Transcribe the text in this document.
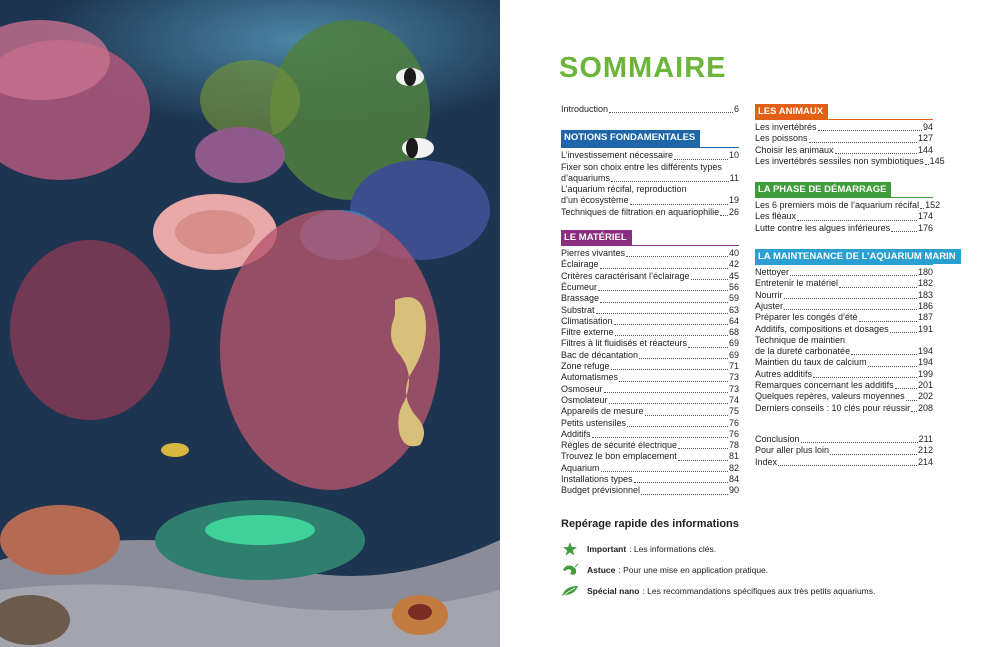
SOMMAIRE
Introduction	6
NOTIONS FONDAMENTALES
L’investissement nécessaire	10
Fixer son choix entre les différents types
d’aquariums	11
L’aquarium récifal, reproduction
d’un écosystème	19
Techniques de filtration en aquariophilie 26
LE MATÉRIEL
Pierres vivantes	40
Éclairage	42
Critères caractérisant l’éclairage	45
Écumeur	56
Brassage	59
Substrat	63
Climatisation	64
Filtre externe	68
Filtres à lit fluidisés et réacteurs	69
Bac de décantation	69
Zone refuge	71
Automatismes	73
Osmoseur	73
Osmolateur	74
Appareils de mesure	75
Petits ustensiles	76
Additifs	76
Règles de sécurité électrique	78
Trouvez le bon emplacement	81
Aquarium	82
Installations types	84
Budget prévisionnel	90
LES ANIMAUX
Les invertébrés	94
Les poissons	127
Choisir les animaux	144
Les invertébrés sessiles non symbiotiques 145
LA PHASE DE DÉMARRAGE
Les 6 premiers mois de l’aquarium récifal 152
Les fléaux	174
Lutte contre les algues inférieures	176
LA MAINTENANCE DE L’AQUARIUM MARIN
Nettoyer	180
Entretenir le matériel	182
Nourrir	183
Ajuster	186
Préparer les congés d’été	187
Additifs, compositions et dosages	191
Technique de maintien
de la dureté carbonatée	194
Maintien du taux de calcium	194
Autres additifs	199
Remarques concernant les additifs	201
Quelques repères, valeurs moyennes 202
Derniers conseils : 10 clés pour réussir 208
Conclusion	211
Pour aller plus loin	212
Index	214
Repérage rapide des informations
Important : Les informations clés.
Astuce : Pour une mise en application pratique.
Spécial nano : Les recommandations spécifiques aux très petits aquariums.
